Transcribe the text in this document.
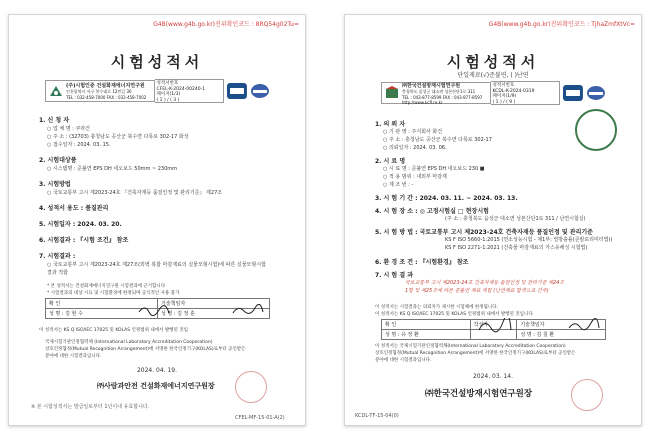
G4B(www.g4b.go.kr)진위확인코드 : 8RQ54g02Tu=
시험성적서
(주)시험인증 건설화재에너지연구원
인천광역시 서구 봉수대로 12번길 36
TEL : 032-458-7000 FAX : 032-458-7002
성적서번호
CFEL-K-2024-00240-1
페이지(1/3)
( 1 ) / ( 3 )
1. 신 청 자
○ 업 체 명 : 쿠라건
○ 주 소 : (32703) 충청남도 공산군 북수면 다목로 302-17 화성
○ 접수일자 : 2024. 03. 15.
2. 시험대상품
○ 시스템명 : 준불연 EPS DH 네오보드 50mm ~ 230mm
3. 시험방법
○ 국토교통부 고시 제2023-24호 『건축자재등 품질인정 및 관리기준』 제27조
4. 성적서 용도 : 품질관리
5. 시험일자 : 2024. 03. 20.
6. 시험결과 : 『시험 조건』 참조
7. 시험결과 :
○ 국토교통부 고시 제2023-24호 제27조(외벽 복합 마감재료의 실물모형시험)에 따른 실물모형시험
결과 적합
* 본 성적서는 건설화재에너지연구원 시험결과에 근거합니다
* 시험결과의 대상 시료 및 시험환경에 한정되며 공식적인 사용 불가
확 인	기술책임자
성 명 : 김 현 수	성 명 : 김 정 훈
이 성적서는 KS Q ISO/IEC 17025 및 KOLAS 인정범위 내에서 발행된 것임
국제시험기관인정협력체 (International Laboratory Accreditation Cooperation)
상호인정협정(Mutual Recognition Arrangement)에 서명한 한국인정기구(KOLAS)로부터 공인받은
분야에 대한 시험결과입니다.
2024. 04. 19.
㈜사람과안전 건설화재에너지연구원장
※ 본 시험성적서는 발급일로부터 1년이내 유효합니다.
CFEL-MF-15-01-A(2)
G4B(www.g4b.go.kr)진위확인코드 : TjhaZmfXtVc=
시험성적서
단일재료(√)준불연, ( )난연
㈜한국건설방재시험연구원
충청북도 음성군 대소면 성본산단1로 311
TEL : 043-877-8599 FAX : 043-877-8597
http://www.kcfl.re.kr
성적서번호
KCDL-K-2024-0319
페이지(1/9)
( 1 ) / ( 9 )
1. 의 뢰 자
○ 기 관 명 : 주식회사 화건
○ 주 소 : 충청남도 공산군 북수면 다목로 302-17
○ 의뢰일자 : 2024. 03. 06.
2. 시 료 명
○ 시 료 명 : 준불연 EPS DH 네오보드 230 ■
○ 적 용 범위 : 내외부 마감재
○ 제 조 번 : -
3. 시 험 기 간 : 2024. 03. 11. ~ 2024. 03. 13.
4. 시 험 장 소 : ◎ 고정시험실 □ 현장시험
(주 소 : 충청북도 음성군 대소면 성본산단1로 311 / 난연시험실)
5. 시 험 방 법 : 국토교통부 고시 제2023-24호 건축자재등 품질인정 및 관리기준
KS F ISO 5660-1:2015 (연소성능시험 - 제1부: 열방출률(콘칼로리미터법))
KS F ISO 2271-1:2021 (건축물 마감재료의 가스유해성 시험법)
6. 환 경 조 건 : 『시험환경』 참조
7. 시 험 결 과
국토교통부 고시 제2023-24호 건축자재등 품질인정 및 관리기준 제24조
1항 및 제25조에 따른 준불연 재료 적합 (난연재료 합격으로 간주)
이 성적서는 시험결과는 의뢰자가 제시한 시험체에 한정됩니다.
이 성적서는 KS Q ISO/IEC 17025 및 KOLAS 인정범위 내에서 발행된 것입니다.
확 인	작성자	기술책임자
성 명 : 유 정 환		성 명 : 김 칠 환
이 성적서는 국제시험기관인정협력체(International Laboratory Accreditation Cooperation)
상호인정협정(Mutual Recognition Arrangement)에 서명한 한국인정기구(KOLAS)로부터 공인받은
분야에 대한 시험결과입니다.
2024. 03. 14.
㈜한국건설방재시험연구원장
KCDL-TF-15-04(0)
